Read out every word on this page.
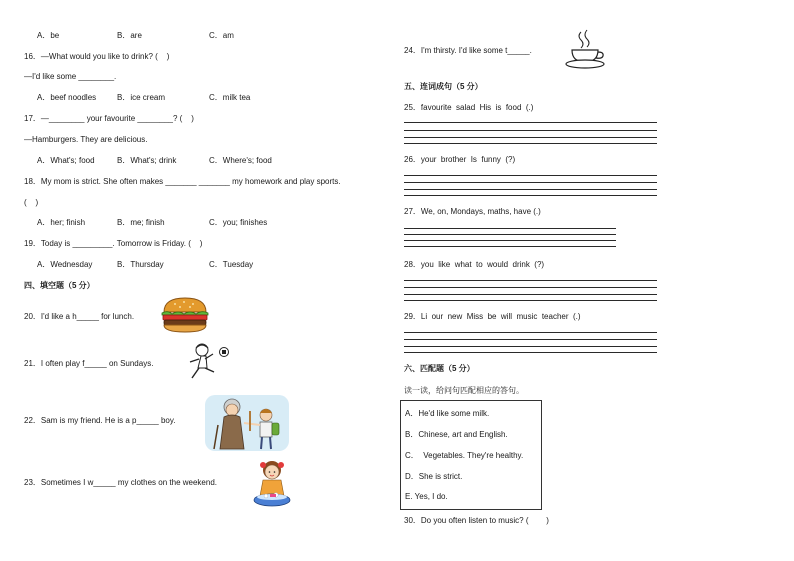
A．be	B．are	C．am
16．—What would you like to drink? (    )
—I'd like some ________.
A．beef noodles	B．ice cream	C．milk tea
17．—________ your favourite ________? (    )
—Hamburgers. They are delicious.
A．What's; food	B．What's; drink	C．Where's; food
18．My mom is strict. She often makes _______ _______ my homework and play sports.
(    )
A．her; finish	B．me; finish	C．you; finishes
19．Today is _________. Tomorrow is Friday. (    )
A．Wednesday	B．Thursday	C．Tuesday
四、填空题（5 分）
20．I'd like a h_____ for lunch.
21．I often play f_____ on Sundays.
22．Sam is my friend. He is a p_____ boy.
23．Sometimes I w_____ my clothes on the weekend.
24．I'm thirsty. I'd like some t_____.
五、连词成句（5 分）
25．favourite  salad  His  is  food  (.)
26．your  brother  Is  funny  (?)
27．We, on, Mondays, maths, have (.)
28．you  like  what  to  would  drink  (?)
29．Li  our  new  Miss  be  will  music  teacher  (.)
六、匹配题（5 分）
读一读，给问句匹配相应的答句。
A．He'd like some milk.
B．Chinese, art and English.
C．  Vegetables. They're healthy.
D．She is strict.
E. Yes, I do.
30．Do you often listen to music? (        )
